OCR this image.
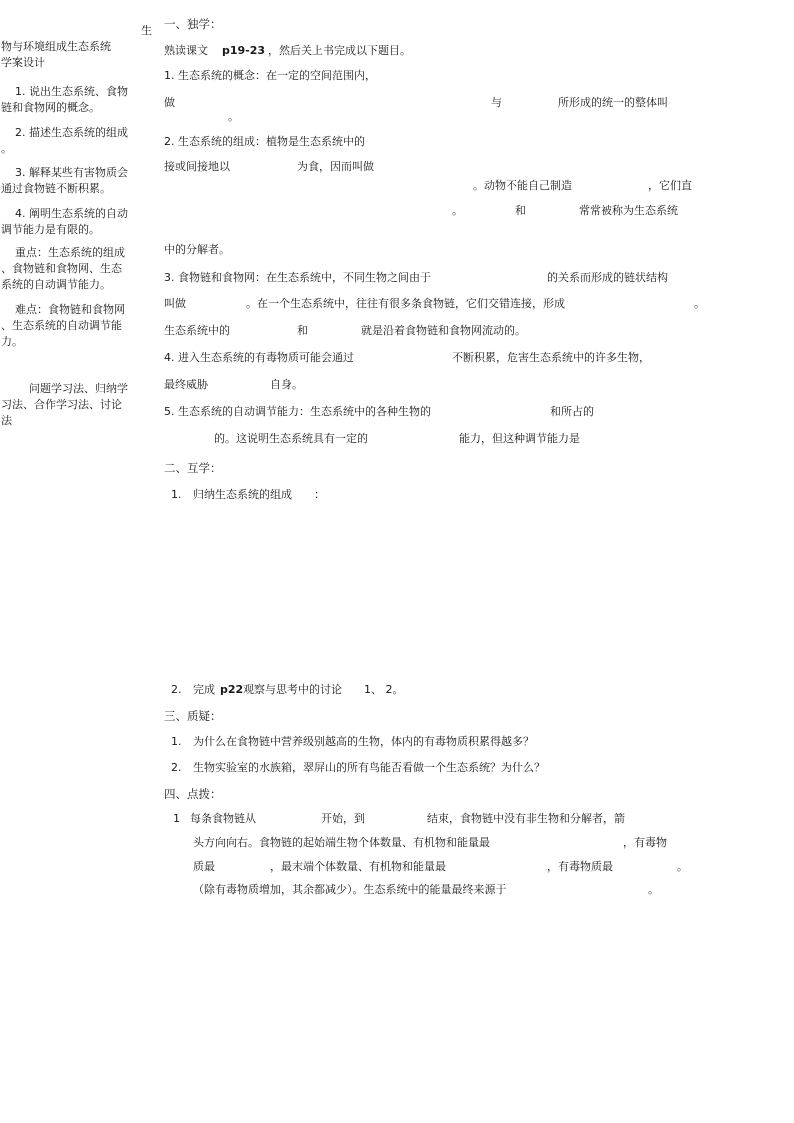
生
物与环境组成生态系统
学案设计
1. 说出生态系统、食物
链和食物网的概念。
2. 描述生态系统的组成
。
3. 解释某些有害物质会
通过食物链不断积累。
4. 阐明生态系统的自动
调节能力是有限的。
重点：生态系统的组成
、食物链和食物网、生态
系统的自动调节能力。
难点：食物链和食物网
、生态系统的自动调节能
力。
问题学习法、归纳学
习法、合作学习法、讨论
法
一、独学：
熟读课文 p19-23 ，然后关上书完成以下题目。
1. 生态系统的概念：在一定的空间范围内，
做	与	所形成的统一的整体叫
。
2. 生态系统的组成：植物是生态系统中的
接或间接地以	为食，因而叫做
。动物不能自己制造	，它们直
。	和	常常被称为生态系统
中的分解者。
3. 食物链和食物网：在生态系统中，不同生物之间由于	的关系而形成的链状结构
叫做	。在一个生态系统中，往往有很多条食物链，它们交错连接，形成	。
生态系统中的	和	就是沿着食物链和食物网流动的。
4. 进入生态系统的有毒物质可能会通过	不断积累，危害生态系统中的许多生物，
最终威胁	自身。
5. 生态系统的自动调节能力：生态系统中的各种生物的	和所占的
的。这说明生态系统具有一定的	能力，但这种调节能力是
二、互学：
1. 归纳生态系统的组成 ：
2. 完成 p22 观察与思考中的讨论 1、 2。
三、质疑：
1. 为什么在食物链中营养级别越高的生物，体内的有毒物质积累得越多？
2. 生物实验室的水族箱，翠屏山的所有鸟能否看做一个生态系统？为什么？
四、点拨：
1 每条食物链从	开始，到	结束，食物链中没有非生物和分解者，箭
头方向向右。食物链的起始端生物个体数量、有机物和能量最	，有毒物
质最	，最末端个体数量、有机物和能量最	，有毒物质最	。
（除有毒物质增加，其余都减少）。生态系统中的能量最终来源于	。
